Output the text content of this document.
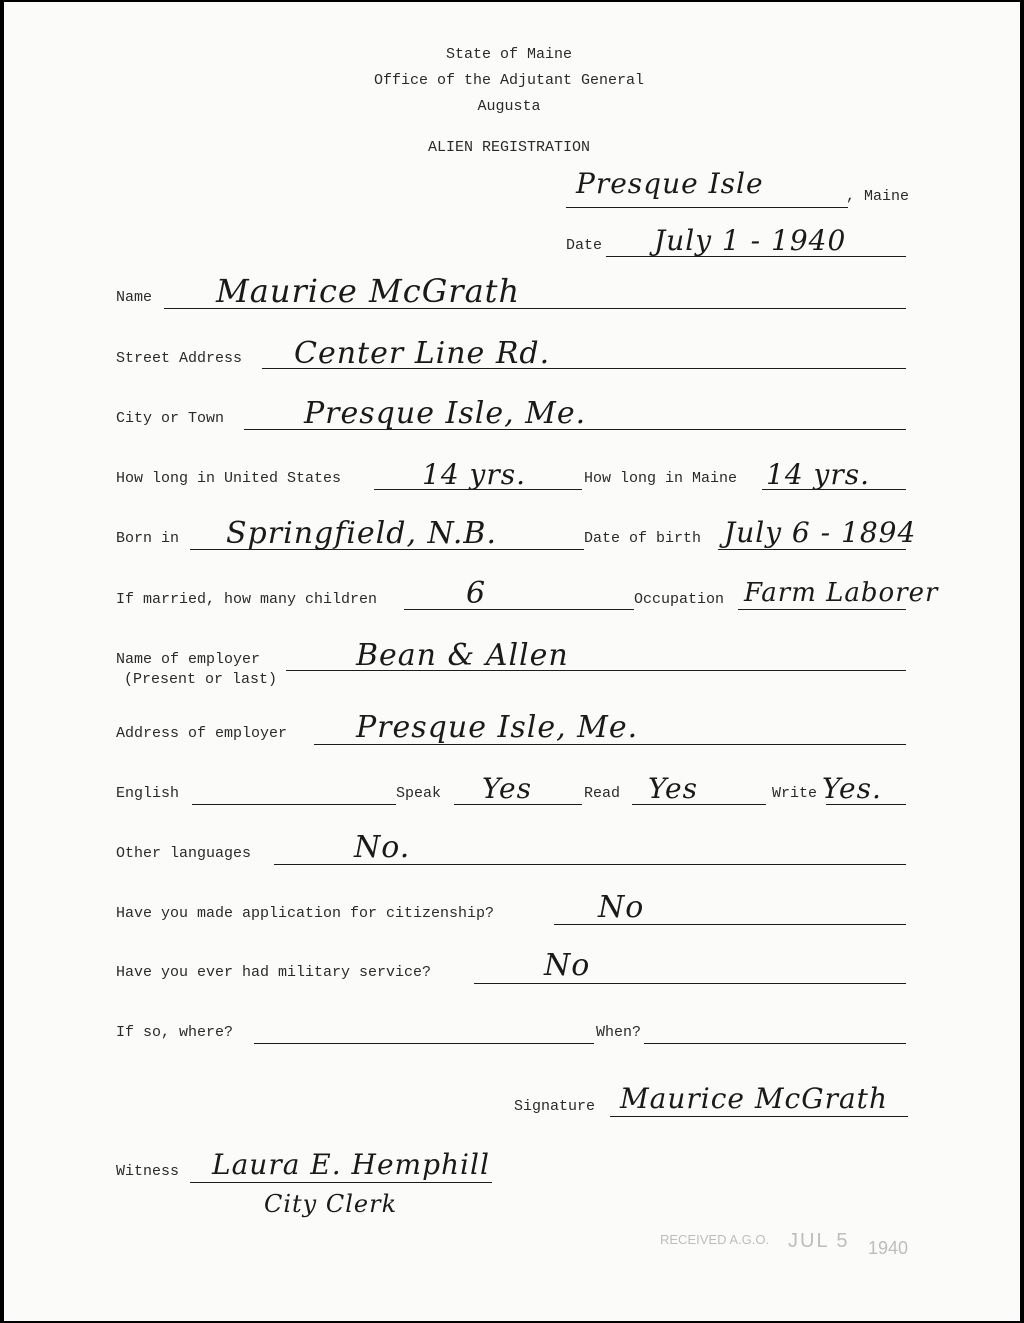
State of Maine
Office of the Adjutant General
Augusta
ALIEN REGISTRATION
Presque Isle	, Maine
Date July 1 - 1940
Name Maurice McGrath
Street Address Center Line Rd.
City or Town	Presque Isle, Me.
How long in United States	14 yrs.	How long in Maine 14 yrs.
Born in Springfield, N.B.	Date of birth July 6 - 1894
If married, how many children	6	Occupation Farm Laborer
Name of employer
(Present or last)
Bean & Allen
Address of employer Presque Isle, Me.
English	Speak Yes	Read Yes	Write Yes.
Other languages	No.
Have you made application for citizenship?	No
Have you ever had military service?	No
If so, where?	When?
Signature Maurice McGrath
Witness Laura E. Hemphill
City Clerk
RECEIVED A.G.O. JUL 5 1940
